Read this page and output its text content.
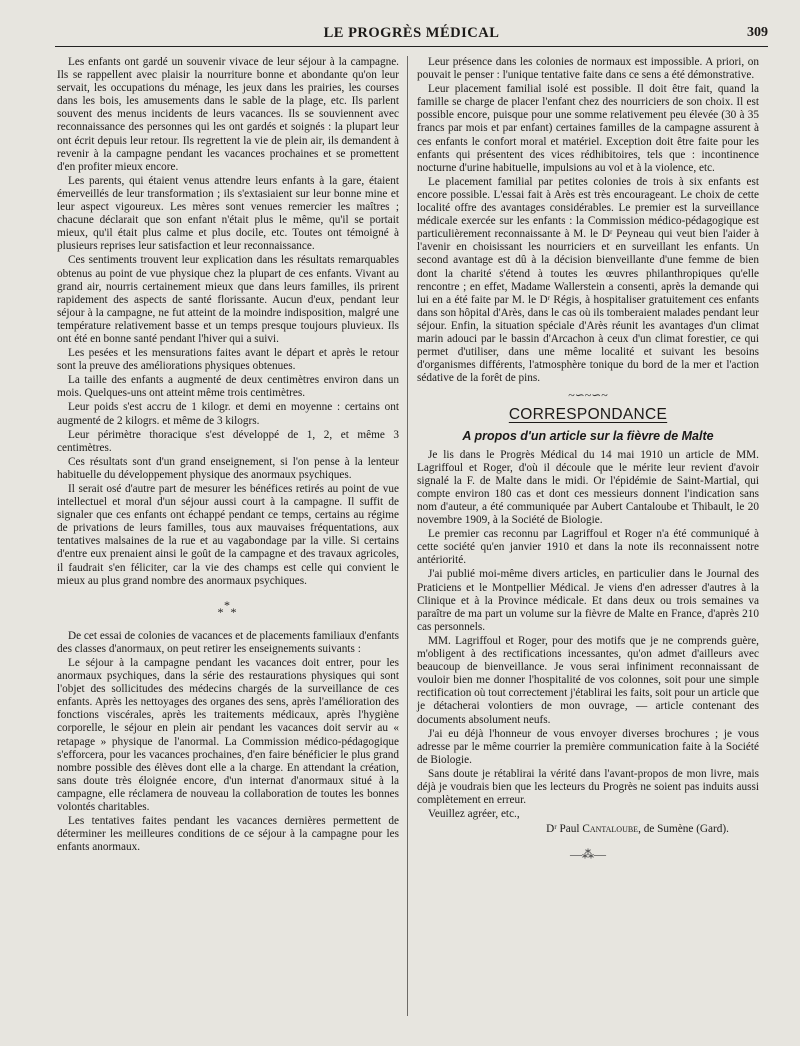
LE PROGRÈS MÉDICAL	309

Les enfants ont gardé un souvenir vivace de leur séjour à la campagne. Ils se rappellent avec plaisir la nourriture bonne et abondante qu'on leur servait, les occupations du ménage, les jeux dans les prairies, les courses dans les bois, les amusements dans le sable de la plage, etc. Ils parlent souvent des menus incidents de leurs vacances. Ils se souviennent avec reconnaissance des personnes qui les ont gardés et soignés : la plupart leur ont écrit depuis leur retour. Ils regrettent la vie de plein air, ils demandent à revenir à la campagne pendant les vacances prochaines et se promettent d'en profiter mieux encore.

Les parents, qui étaient venus attendre leurs enfants à la gare, étaient émerveillés de leur transformation ; ils s'extasiaient sur leur bonne mine et leur aspect vigoureux. Les mères sont venues remercier les maîtres ; chacune déclarait que son enfant n'était plus le même, qu'il se portait mieux, qu'il était plus calme et plus docile, etc. Toutes ont témoigné à plusieurs reprises leur satisfaction et leur reconnaissance.

Ces sentiments trouvent leur explication dans les résultats remarquables obtenus au point de vue physique chez la plupart de ces enfants. Vivant au grand air, nourris certainement mieux que dans leurs familles, ils prirent rapidement des aspects de santé florissante. Aucun d'eux, pendant leur séjour à la campagne, ne fut atteint de la moindre indisposition, malgré une température relativement basse et un temps presque toujours pluvieux. Ils ont été en bonne santé pendant l'hiver qui a suivi.

Les pesées et les mensurations faites avant le départ et après le retour sont la preuve des améliorations physiques obtenues.

La taille des enfants a augmenté de deux centimètres environ dans un mois. Quelques-uns ont atteint même trois centimètres.

Leur poids s'est accru de 1 kilogr. et demi en moyenne : certains ont augmenté de 2 kilogrs. et même de 3 kilogrs.

Leur périmètre thoracique s'est développé de 1, 2, et même 3 centimètres.

Ces résultats sont d'un grand enseignement, si l'on pense à la lenteur habituelle du développement physique des anormaux psychiques.

Il serait osé d'autre part de mesurer les bénéfices retirés au point de vue intellectuel et moral d'un séjour aussi court à la campagne. Il suffit de signaler que ces enfants ont échappé pendant ce temps, certains au régime de privations de leurs familles, tous aux mauvaises fréquentations, aux tentatives malsaines de la rue et au vagabondage par la ville. Si certains d'entre eux prenaient ainsi le goût de la campagne et des travaux agricoles, il faudrait s'en féliciter, car la vie des champs est celle qui convient le mieux au plus grand nombre des anormaux psychiques.

*
* *

De cet essai de colonies de vacances et de placements familiaux d'enfants des classes d'anormaux, on peut retirer les enseignements suivants :

Le séjour à la campagne pendant les vacances doit entrer, pour les anormaux psychiques, dans la série des restaurations physiques qui sont l'objet des sollicitudes des médecins chargés de la surveillance de ces enfants. Après les nettoyages des organes des sens, après l'amélioration des fonctions viscérales, après les traitements médicaux, après l'hygiène corporelle, le séjour en plein air pendant les vacances doit servir au « retapage » physique de l'anormal. La Commission médico-pédagogique s'efforcera, pour les vacances prochaines, d'en faire bénéficier le plus grand nombre possible des élèves dont elle a la charge. En attendant la création, sans doute très éloignée encore, d'un internat d'anormaux situé à la campagne, elle réclamera de nouveau la collaboration de toutes les bonnes volontés charitables.

Les tentatives faites pendant les vacances dernières permettent de déterminer les meilleures conditions de ce séjour à la campagne pour les enfants anormaux.

Leur présence dans les colonies de normaux est impossible. A priori, on pouvait le penser : l'unique tentative faite dans ce sens a été démonstrative.

Leur placement familial isolé est possible. Il doit être fait, quand la famille se charge de placer l'enfant chez des nourriciers de son choix. Il est possible encore, puisque pour une somme relativement peu élevée (30 à 35 francs par mois et par enfant) certaines familles de la campagne assurent à ces enfants le confort moral et matériel. Exception doit être faite pour les enfants qui présentent des vices rédhibitoires, tels que : incontinence nocturne d'urine habituelle, impulsions au vol et à la violence, etc.

Le placement familial par petites colonies de trois à six enfants est encore possible. L'essai fait à Arès est très encourageant. Le choix de cette localité offre des avantages considérables. Le premier est la surveillance médicale exercée sur les enfants : la Commission médico-pédagogique est particulièrement reconnaissante à M. le Dʳ Peyneau qui veut bien l'aider à l'avenir en choisissant les nourriciers et en surveillant les enfants. Un second avantage est dû à la décision bienveillante d'une femme de bien dont la charité s'étend à toutes les œuvres philanthropiques qu'elle rencontre ; en effet, Madame Wallerstein a consenti, après la demande qui lui en a été faite par M. le Dʳ Régis, à hospitaliser gratuitement ces enfants dans son hôpital d'Arès, dans le cas où ils tomberaient malades pendant leur séjour. Enfin, la situation spéciale d'Arès réunit les avantages d'un climat marin adouci par le bassin d'Arcachon à ceux d'un climat forestier, ce qui permet d'utiliser, dans une même localité et suivant les besoins d'organismes différents, l'atmosphère tonique du bord de la mer et l'action sédative de la forêt de pins.

~∽~∽~
CORRESPONDANCE
A propos d'un article sur la fièvre de Malte

Je lis dans le Progrès Médical du 14 mai 1910 un article de MM. Lagriffoul et Roger, d'où il découle que le mérite leur revient d'avoir signalé la F. de Malte dans le midi. Or l'épidémie de Saint-Martial, qui compte environ 180 cas et dont ces messieurs donnent l'indication sans nom d'auteur, a été communiquée par Aubert Cantaloube et Thibault, le 20 novembre 1909, à la Société de Biologie.

Le premier cas reconnu par Lagriffoul et Roger n'a été communiqué à cette société qu'en janvier 1910 et dans la note ils reconnaissent notre antériorité.

J'ai publié moi-même divers articles, en particulier dans le Journal des Praticiens et le Montpellier Médical. Je viens d'en adresser d'autres à la Clinique et à la Province médicale. Et dans deux ou trois semaines va paraître de ma part un volume sur la fièvre de Malte en France, d'après 210 cas personnels.

MM. Lagriffoul et Roger, pour des motifs que je ne comprends guère, m'obligent à des rectifications incessantes, qu'on admet d'ailleurs avec beaucoup de bienveillance. Je vous serai infiniment reconnaissant de vouloir bien me donner l'hospitalité de vos colonnes, soit pour une simple rectification où tout correctement j'établirai les faits, soit pour un article que je détacherai volontiers de mon ouvrage, — article contenant des documents absolument neufs.

J'ai eu déjà l'honneur de vous envoyer diverses brochures ; je vous adresse par le même courrier la première communication faite à la Société de Biologie.

Sans doute je rétablirai la vérité dans l'avant-propos de mon livre, mais déjà je voudrais bien que les lecteurs du Progrès ne soient pas induits aussi complètement en erreur.

Veuillez agréer, etc.,

Dʳ Paul Cantaloube, de Sumène (Gard).
—⁂—
